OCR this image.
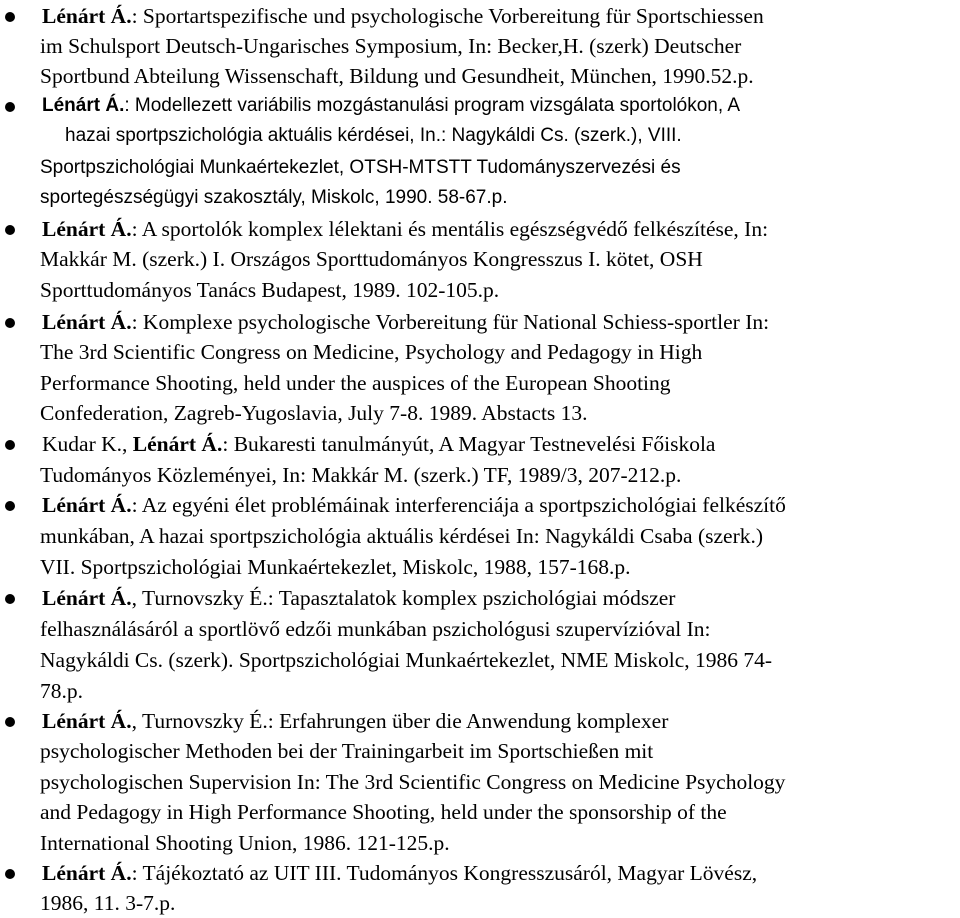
Lénárt Á.: Sportartspezifische und psychologische Vorbereitung für Sportschiessen
im Schulsport Deutsch-Ungarisches Symposium, In: Becker,H. (szerk) Deutscher
Sportbund Abteilung Wissenschaft, Bildung und Gesundheit, München, 1990.52.p.
Lénárt Á.: Modellezett variábilis mozgástanulási program vizsgálata sportolókon, A
hazai sportpszichológia aktuális kérdései, In.: Nagykáldi Cs. (szerk.), VIII.
Sportpszichológiai Munkaértekezlet, OTSH-MTSTT Tudományszervezési és
sportegészségügyi szakosztály, Miskolc, 1990. 58-67.p.
Lénárt Á.: A sportolók komplex lélektani és mentális egészségvédő felkészítése, In:
Makkár M. (szerk.) I. Országos Sporttudományos Kongresszus I. kötet, OSH
Sporttudományos Tanács Budapest, 1989. 102-105.p.
Lénárt Á.: Komplexe psychologische Vorbereitung für National Schiess-sportler In:
The 3rd Scientific Congress on Medicine, Psychology and Pedagogy in High
Performance Shooting, held under the auspices of the European Shooting
Confederation, Zagreb-Yugoslavia, July 7-8. 1989. Abstacts 13.
Kudar K., Lénárt Á.: Bukaresti tanulmányút, A Magyar Testnevelési Főiskola
Tudományos Közleményei, In: Makkár M. (szerk.) TF, 1989/3, 207-212.p.
Lénárt Á.: Az egyéni élet problémáinak interferenciája a sportpszichológiai felkészítő
munkában, A hazai sportpszichológia aktuális kérdései In: Nagykáldi Csaba (szerk.)
VII. Sportpszichológiai Munkaértekezlet, Miskolc, 1988, 157-168.p.
Lénárt Á., Turnovszky É.: Tapasztalatok komplex pszichológiai módszer
felhasználásáról a sportlövő edzői munkában pszichológusi szupervízióval In:
Nagykáldi Cs. (szerk). Sportpszichológiai Munkaértekezlet, NME Miskolc, 1986 74-
78.p.
Lénárt Á., Turnovszky É.: Erfahrungen über die Anwendung komplexer
psychologischer Methoden bei der Trainingarbeit im Sportschießen mit
psychologischen Supervision In: The 3rd Scientific Congress on Medicine Psychology
and Pedagogy in High Performance Shooting, held under the sponsorship of the
International Shooting Union, 1986. 121-125.p.
Lénárt Á.: Tájékoztató az UIT III. Tudományos Kongresszusáról, Magyar Lövész,
1986, 11. 3-7.p.
